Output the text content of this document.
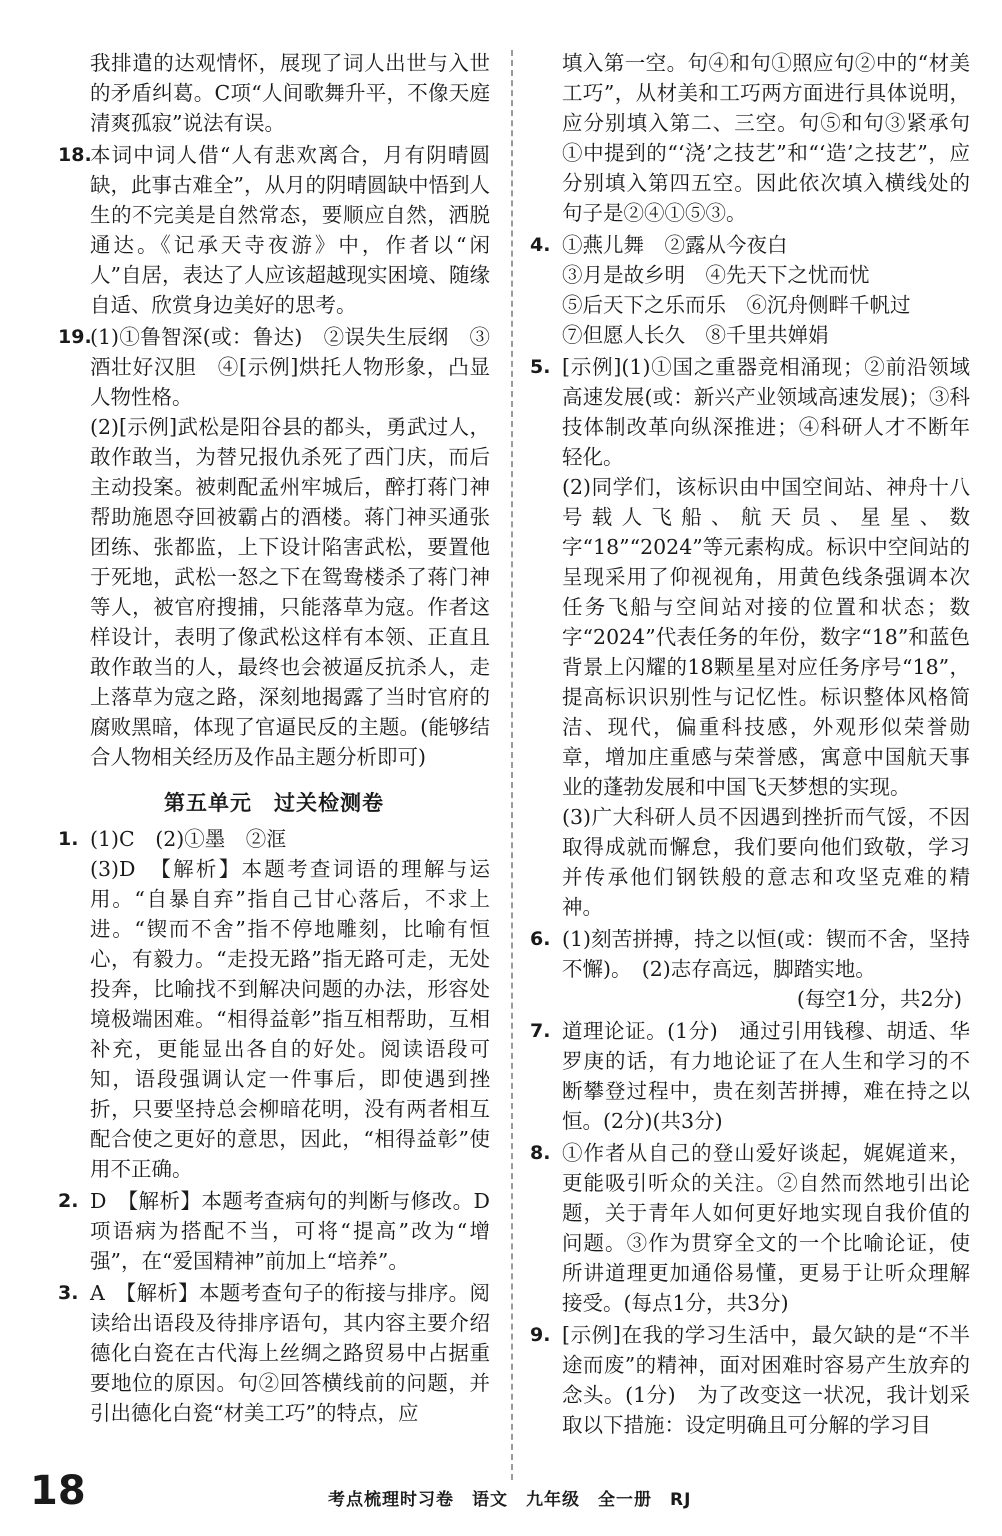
我排遣的达观情怀，展现了词人出世与入世的矛盾纠葛。C项“人间歌舞升平，不像天庭清爽孤寂”说法有误。
18.
本词中词人借“人有悲欢离合，月有阴晴圆缺，此事古难全”，从月的阴晴圆缺中悟到人生的不完美是自然常态，要顺应自然，洒脱通达。《记承天寺夜游》中，作者以“闲人”自居，表达了人应该超越现实困境、随缘自适、欣赏身边美好的思考。
19.
(1)①鲁智深(或：鲁达)　②误失生辰纲　③酒壮好汉胆　④[示例]烘托人物形象，凸显人物性格。
(2)[示例]武松是阳谷县的都头，勇武过人，敢作敢当，为替兄报仇杀死了西门庆，而后主动投案。被刺配孟州牢城后，醉打蒋门神帮助施恩夺回被霸占的酒楼。蒋门神买通张团练、张都监，上下设计陷害武松，要置他于死地，武松一怒之下在鸳鸯楼杀了蒋门神等人，被官府搜捕，只能落草为寇。作者这样设计，表明了像武松这样有本领、正直且敢作敢当的人，最终也会被逼反抗杀人，走上落草为寇之路，深刻地揭露了当时官府的腐败黑暗，体现了官逼民反的主题。(能够结合人物相关经历及作品主题分析即可)
第五单元　过关检测卷
1. (1)C　(2)①墨　②洭
(3)D　【解析】本题考查词语的理解与运用。“自暴自弃”指自己甘心落后，不求上进。“锲而不舍”指不停地雕刻，比喻有恒心，有毅力。“走投无路”指无路可走，无处投奔，比喻找不到解决问题的办法，形容处境极端困难。“相得益彰”指互相帮助，互相补充，更能显出各自的好处。阅读语段可知，语段强调认定一件事后，即使遇到挫折，只要坚持总会柳暗花明，没有两者相互配合使之更好的意思，因此，“相得益彰”使用不正确。
2. D　【解析】本题考查病句的判断与修改。D项语病为搭配不当，可将“提高”改为“增强”，在“爱国精神”前加上“培养”。
3. A　【解析】本题考查句子的衔接与排序。阅读给出语段及待排序语句，其内容主要介绍德化白瓷在古代海上丝绸之路贸易中占据重要地位的原因。句②回答横线前的问题，并引出德化白瓷“材美工巧”的特点，应
填入第一空。句④和句①照应句②中的“材美工巧”，从材美和工巧两方面进行具体说明，应分别填入第二、三空。句⑤和句③紧承句①中提到的“‘浇’之技艺”和“‘造’之技艺”，应分别填入第四五空。因此依次填入横线处的句子是②④①⑤③。
4. ①燕儿舞　②露从今夜白
③月是故乡明　④先天下之忧而忧
⑤后天下之乐而乐　⑥沉舟侧畔千帆过
⑦但愿人长久　⑧千里共婵娟
5. [示例](1)①国之重器竞相涌现；②前沿领域高速发展(或：新兴产业领域高速发展)；③科技体制改革向纵深推进；④科研人才不断年轻化。
(2)同学们，该标识由中国空间站、神舟十八号载人飞船、航天员、星星、数字“18”“2024”等元素构成。标识中空间站的呈现采用了仰视视角，用黄色线条强调本次任务飞船与空间站对接的位置和状态；数字“2024”代表任务的年份，数字“18”和蓝色背景上闪耀的18颗星星对应任务序号“18”，提高标识识别性与记忆性。标识整体风格简洁、现代，偏重科技感，外观形似荣誉勋章，增加庄重感与荣誉感，寓意中国航天事业的蓬勃发展和中国飞天梦想的实现。
(3)广大科研人员不因遇到挫折而气馁，不因取得成就而懈怠，我们要向他们致敬，学习并传承他们钢铁般的意志和攻坚克难的精神。
6. (1)刻苦拼搏，持之以恒(或：锲而不舍，坚持不懈)。　(2)志存高远，脚踏实地。
(每空1分，共2分)
7. 道理论证。(1分)　通过引用钱穆、胡适、华罗庚的话，有力地论证了在人生和学习的不断攀登过程中，贵在刻苦拼搏，难在持之以恒。(2分)(共3分)
8. ①作者从自己的登山爱好谈起，娓娓道来，更能吸引听众的关注。②自然而然地引出论题，关于青年人如何更好地实现自我价值的问题。③作为贯穿全文的一个比喻论证，使所讲道理更加通俗易懂，更易于让听众理解接受。(每点1分，共3分)
9. [示例]在我的学习生活中，最欠缺的是“不半途而废”的精神，面对困难时容易产生放弃的念头。(1分)　为了改变这一状况，我计划采取以下措施：设定明确且可分解的学习目
18	考点梳理时习卷　语文　九年级　全一册　RJ
